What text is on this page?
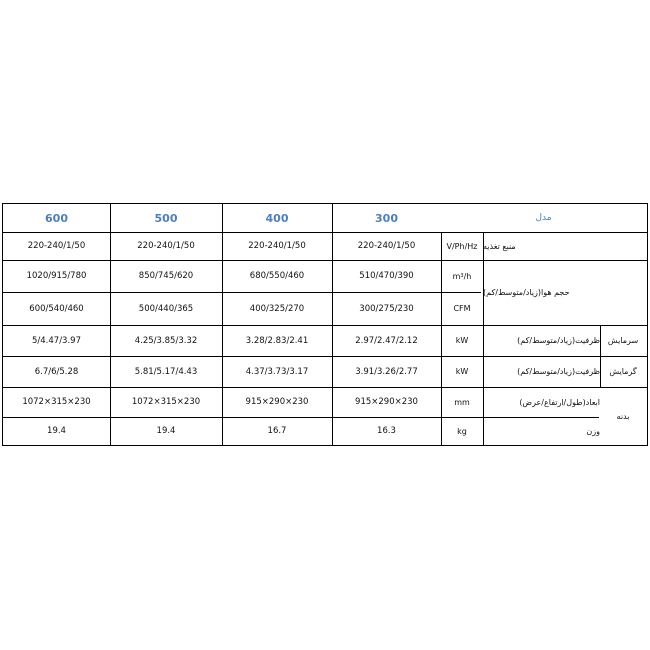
600	500	400	300	مدل
220-240/1/50	220-240/1/50	220-240/1/50	220-240/1/50	V/Ph/Hz منبع تغذیه
1020/915/780	850/745/620	680/550/460	510/470/390	m 3 /h
حجم هوا(زیاد/متوسط/کم)
600/540/460	500/440/365	400/325/270	300/275/230	CFM
5/4.47/3.97	4.25/3.85/3.32	3.28/2.83/2.41	2.97/2.47/2.12	kW	ظرفیت(زیاد/متوسط/کم) سرمایش
6.7/6/5.28	5.81/5.17/4.43	4.37/3.73/3.17	3.91/3.26/2.77	kW	ظرفیت(زیاد/متوسط/کم)	گرمایش
1072×315×230	1072×315×230	915×290×230	915×290×230	mm	ابعاد(طول/ارتفاع/عرض)
بدنه
19.4	19.4	16.7	16.3	kg	وزن
